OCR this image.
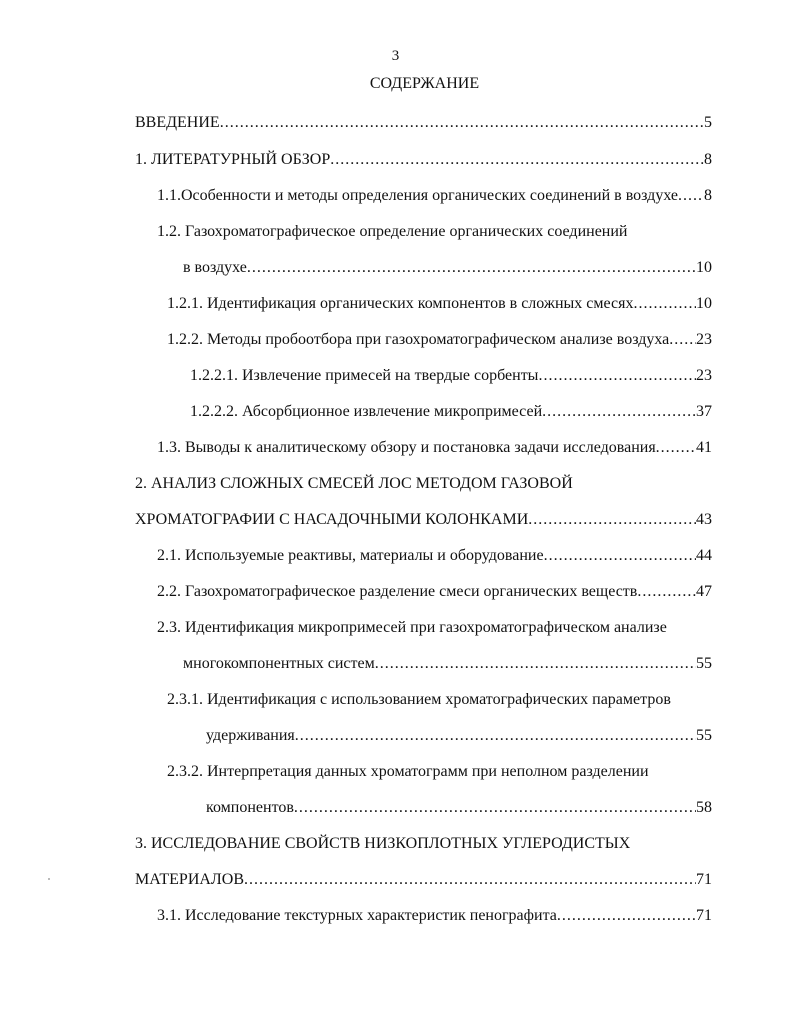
3
СОДЕРЖАНИЕ
ВВЕДЕНИЕ .....	5
1. ЛИТЕРАТУРНЫЙ ОБЗОР .....	8
1.1.Особенности и методы определения органических соединений в воздухе ..... 8
1.2. Газохроматографическое определение органических соединений
в воздухе .....	10
1.2.1. Идентификация органических компонентов в сложных смесях .....	10
1.2.2. Методы пробоотбора при газохроматографическом анализе воздуха ..... 23
1.2.2.1. Извлечение примесей на твердые сорбенты .....	23
1.2.2.2. Абсорбционное извлечение микропримесей .....	37
1.3. Выводы к аналитическому обзору и постановка задачи исследования .....	41
2. АНАЛИЗ СЛОЖНЫХ СМЕСЕЙ ЛОС МЕТОДОМ ГАЗОВОЙ
ХРОМАТОГРАФИИ С НАСАДОЧНЫМИ КОЛОНКАМИ .....	43
2.1. Используемые реактивы, материалы и оборудование .....	44
2.2. Газохроматографическое разделение смеси органических веществ .....	47
2.3. Идентификация микропримесей при газохроматографическом анализе
многокомпонентных систем .....	55
2.3.1. Идентификация с использованием хроматографических параметров
удерживания .....	55
2.3.2. Интерпретация данных хроматограмм при неполном разделении
компонентов .....	58
3. ИССЛЕДОВАНИЕ СВОЙСТВ НИЗКОПЛОТНЫХ УГЛЕРОДИСТЫХ
МАТЕРИАЛОВ .....	71
3.1. Исследование текстурных характеристик пенографита .....	71
